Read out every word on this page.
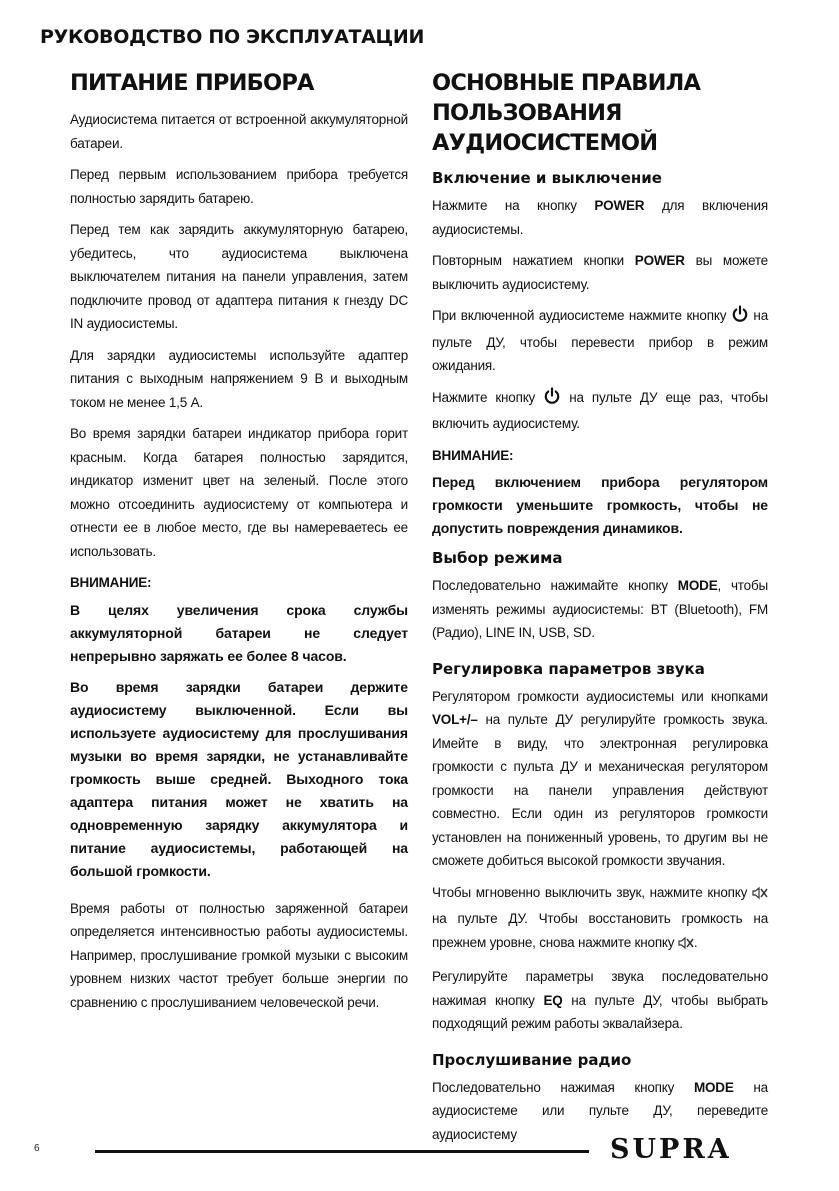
РУКОВОДСТВО ПО ЭКСПЛУАТАЦИИ
ПИТАНИЕ ПРИБОРА

Аудиосистема питается от встроенной аккумуляторной батареи.

Перед первым использованием прибора требуется полностью зарядить батарею.

Перед тем как зарядить аккумуляторную батарею, убедитесь, что аудиосистема выключена выключателем питания на панели управления, затем подключите провод от адаптера питания к гнезду DC IN аудиосистемы.

Для зарядки аудиосистемы используйте адаптер питания с выходным напряжением 9 В и выходным током не менее 1,5 А.

Во время зарядки батареи индикатор прибора горит красным. Когда батарея полностью зарядится, индикатор изменит цвет на зеленый. После этого можно отсоединить аудиосистему от компьютера и отнести ее в любое место, где вы намереваетесь ее использовать.

ВНИМАНИЕ:

В целях увеличения срока службы аккумуляторной батареи не следует непрерывно заряжать ее более 8 часов.

Во время зарядки батареи держите аудиосистему выключенной. Если вы используете аудиосистему для прослушивания музыки во время зарядки, не устанавливайте громкость выше средней. Выходного тока адаптера питания может не хватить на одновременную зарядку аккумулятора и питание аудиосистемы, работающей на большой громкости.

Время работы от полностью заряженной батареи определяется интенсивностью работы аудиосистемы. Например, прослушивание громкой музыки с высоким уровнем низких частот требует больше энергии по сравнению с прослушиванием человеческой речи.

ОСНОВНЫЕ ПРАВИЛА ПОЛЬЗОВАНИЯ АУДИОСИСТЕМОЙ
Включение и выключение

Нажмите на кнопку POWER для включения аудиосистемы.

Повторным нажатием кнопки POWER вы можете выключить аудиосистему.

При включенной аудиосистеме нажмите кнопку  на пульте ДУ, чтобы перевести прибор в режим ожидания.

Нажмите кнопку  на пульте ДУ еще раз, чтобы включить аудиосистему.

ВНИМАНИЕ:

Перед включением прибора регулятором громкости уменьшите громкость, чтобы не допустить повреждения динамиков.

Выбор режима

Последовательно нажимайте кнопку MODE, чтобы изменять режимы аудиосистемы: BT (Bluetooth), FM (Радио), LINE IN, USB, SD.

Регулировка параметров звука

Регулятором громкости аудиосистемы или кнопками VOL+/– на пульте ДУ регулируйте громкость звука. Имейте в виду, что электронная регулировка громкости с пульта ДУ и механическая регулятором громкости на панели управления действуют совместно. Если один из регуляторов громкости установлен на пониженный уровень, то другим вы не сможете добиться высокой громкости звучания.

Чтобы мгновенно выключить звук, нажмите кнопку  на пульте ДУ. Чтобы восстановить громкость на прежнем уровне, снова нажмите кнопку .

Регулируйте параметры звука последовательно нажимая кнопку EQ на пульте ДУ, чтобы выбрать подходящий режим работы эквалайзера.

Прослушивание радио

Последовательно нажимая кнопку MODE на аудиосистеме или пульте ДУ, переведите аудиосистему

6	SUPRA
